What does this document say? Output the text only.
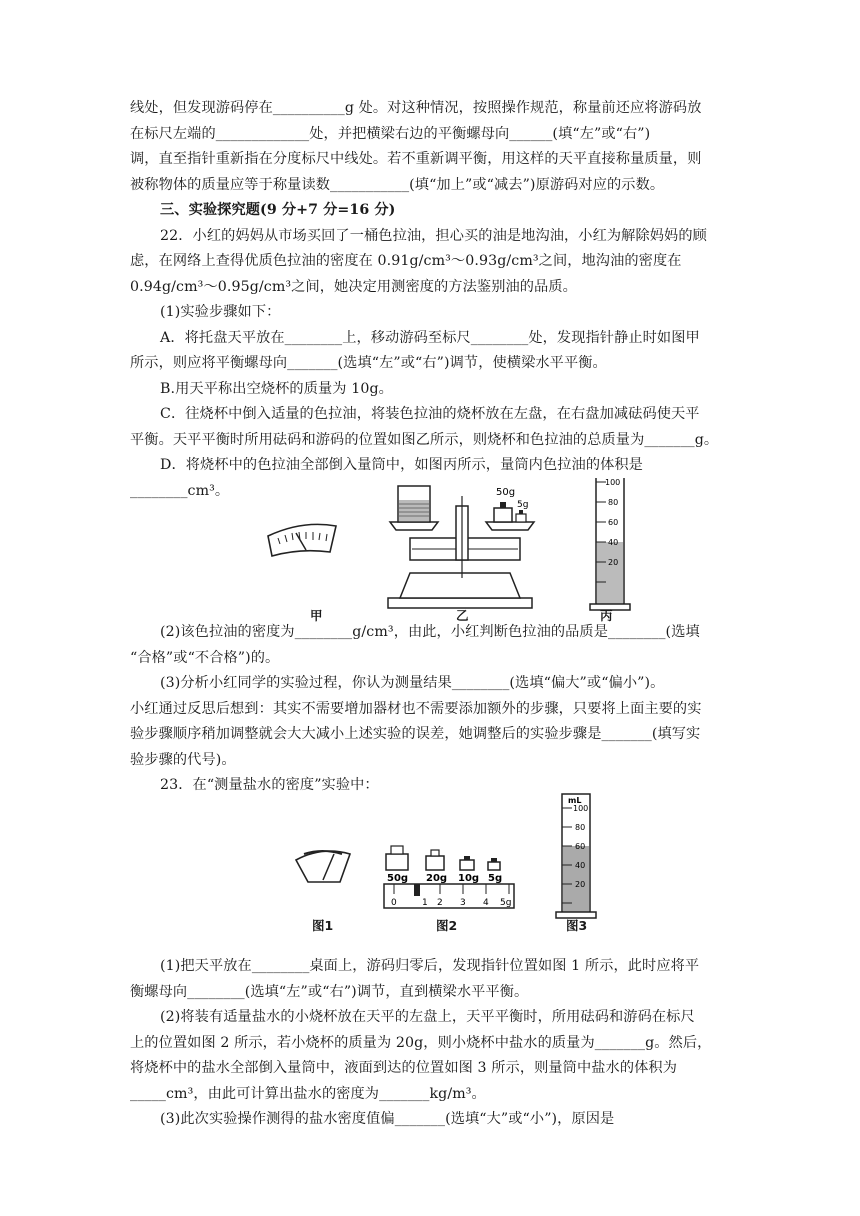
线处，但发现游码停在__________g 处。对这种情况，按照操作规范，称量前还应将游码放
在标尺左端的_____________处，并把横梁右边的平衡螺母向______(填“左”或“右”)
调，直至指针重新指在分度标尺中线处。若不重新调平衡，用这样的天平直接称量质量，则
被称物体的质量应等于称量读数___________(填“加上”或“减去”)原游码对应的示数。
三、实验探究题(9 分+7 分=16 分)
22．小红的妈妈从市场买回了一桶色拉油，担心买的油是地沟油，小红为解除妈妈的顾
虑，在网络上查得优质色拉油的密度在 0.91g/cm³～0.93g/cm³之间，地沟油的密度在
0.94g/cm³～0.95g/cm³之间，她决定用测密度的方法鉴别油的品质。
(1)实验步骤如下：
A．将托盘天平放在________上，移动游码至标尺________处，发现指针静止时如图甲
所示，则应将平衡螺母向_______(选填“左”或“右”)调节，使横梁水平平衡。
B.用天平称出空烧杯的质量为 10g。
C．往烧杯中倒入适量的色拉油，将装色拉油的烧杯放在左盘，在右盘加减砝码使天平
平衡。天平平衡时所用砝码和游码的位置如图乙所示，则烧杯和色拉油的总质量为_______g。
D．将烧杯中的色拉油全部倒入量筒中，如图丙所示，量筒内色拉油的体积是
________cm³。	50g
5g
100
80
60
40
20
甲	乙	丙
(2)该色拉油的密度为________g/cm³，由此，小红判断色拉油的品质是________(选填
“合格”或“不合格”)的。
(3)分析小红同学的实验过程，你认为测量结果________(选填“偏大”或“偏小”)。
小红通过反思后想到：其实不需要增加器材也不需要添加额外的步骤，只要将上面主要的实
验步骤顺序稍加调整就会大大减小上述实验的误差，她调整后的实验步骤是_______(填写实
验步骤的代号)。
23．在“测量盐水的密度”实验中：
50g 20g 10g 5g
0	1 2 3 4 5g
mL
100
80
60
40
20
图1	图2	图3
(1)把天平放在________桌面上，游码归零后，发现指针位置如图 1 所示，此时应将平
衡螺母向________(选填“左”或“右”)调节，直到横梁水平平衡。
(2)将装有适量盐水的小烧杯放在天平的左盘上，天平平衡时，所用砝码和游码在标尺
上的位置如图 2 所示，若小烧杯的质量为 20g，则小烧杯中盐水的质量为_______g。然后，
将烧杯中的盐水全部倒入量筒中，液面到达的位置如图 3 所示，则量筒中盐水的体积为
_____cm³，由此可计算出盐水的密度为_______kg/m³。
(3)此次实验操作测得的盐水密度值偏_______(选填“大”或“小”)，原因是
